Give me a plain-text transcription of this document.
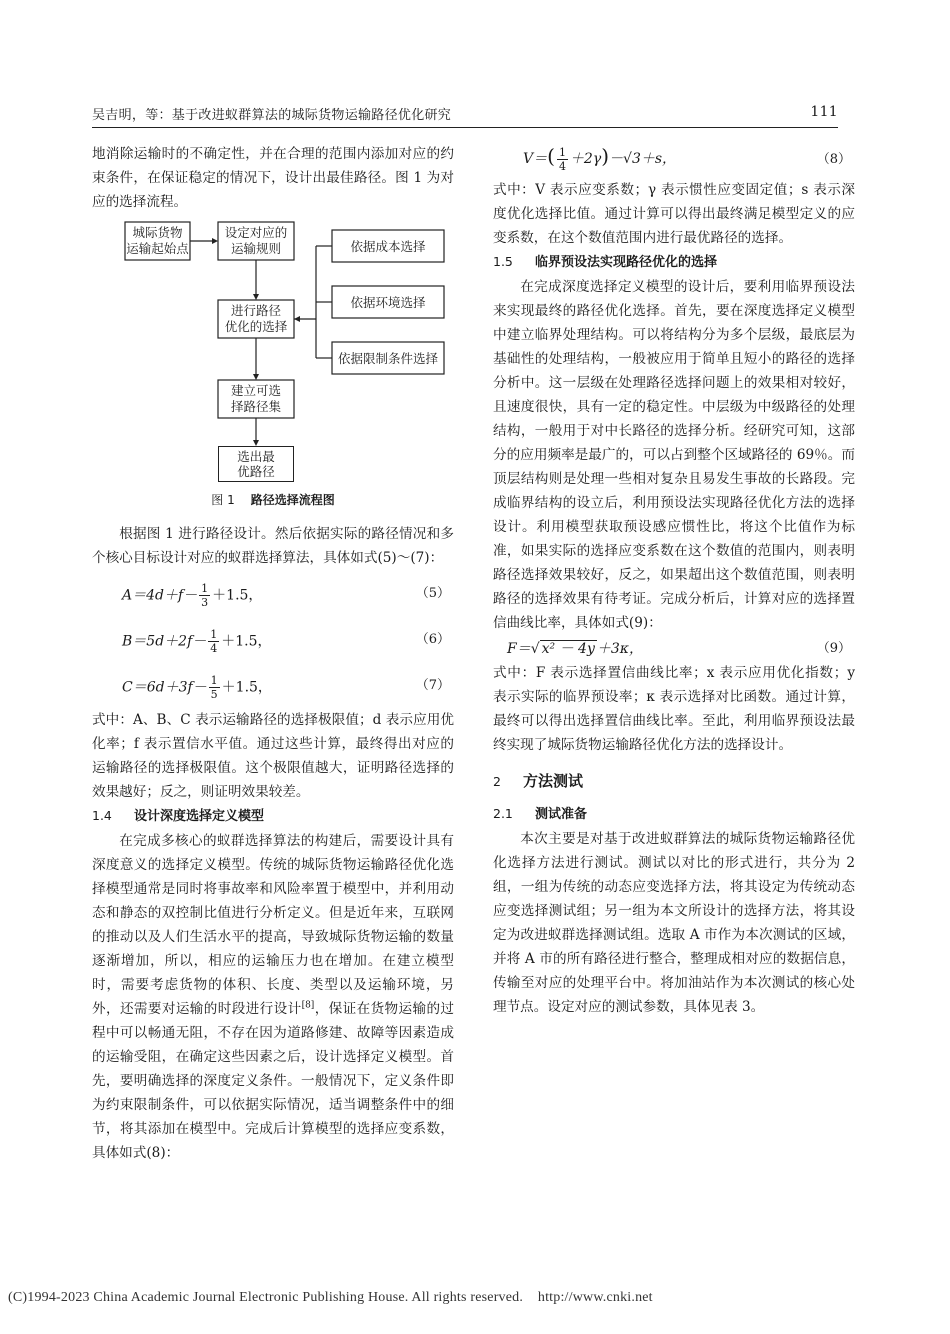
吴吉明，等：基于改进蚁群算法的城际货物运输路径优化研究	111

地消除运输时的不确定性，并在合理的范围内添加对应的约束条件，在保证稳定的情况下，设计出最佳路径。图 1 为对应的选择流程。

城际货物
运输起始点
设定对应的
运输规则
进行路径
优化的选择
建立可选
择路径集
依据成本选择
依据环境选择
依据限制条件选择
选出最
优路径
图 1 路径选择流程图

根据图 1 进行路径设计。然后依据实际的路径情况和多个核心目标设计对应的蚁群选择算法，具体如式(5)～(7)：

$A=4d+f- \frac{1}{3} +1.5$，	（5）
$B=5d+2f- \frac{1}{4} +1.5$，	（6）
$C=6d+3f- \frac{1}{5} +1.5$，	（7）

式中：A、B、C 表示运输路径的选择极限值；d 表示应用优化率；f 表示置信水平值。通过这些计算，最终得出对应的运输路径的选择极限值。这个极限值越大，证明路径选择的效果越好；反之，则证明效果较差。

1.4 设计深度选择定义模型

在完成多核心的蚁群选择算法的构建后，需要设计具有深度意义的选择定义模型。传统的城际货物运输路径优化选择模型通常是同时将事故率和风险率置于模型中，并利用动态和静态的双控制比值进行分析定义。但是近年来，互联网的推动以及人们生活水平的提高，导致城际货物运输的数量逐渐增加，所以，相应的运输压力也在增加。在建立模型时，需要考虑货物的体积、长度、类型以及运输环境，另外，还需要对运输的时段进行设计[8]，保证在货物运输的过程中可以畅通无阻，不存在因为道路修建、故障等因素造成的运输受阻，在确定这些因素之后，设计选择定义模型。首先，要明确选择的深度定义条件。一般情况下，定义条件即为约束限制条件，可以依据实际情况，适当调整条件中的细节，将其添加在模型中。完成后计算模型的选择应变系数，具体如式(8)：

$V=( \frac{1}{4} +2\gamma)-√3+s$，	（8）

式中：V 表示应变系数；γ 表示惯性应变固定值；s 表示深度优化选择比值。通过计算可以得出最终满足模型定义的应变系数，在这个数值范围内进行最优路径的选择。

1.5 临界预设法实现路径优化的选择

在完成深度选择定义模型的设计后，要利用临界预设法来实现最终的路径优化选择。首先，要在深度选择定义模型中建立临界处理结构。可以将结构分为多个层级，最底层为基础性的处理结构，一般被应用于简单且短小的路径的选择分析中。这一层级在处理路径选择问题上的效果相对较好，且速度很快，具有一定的稳定性。中层级为中级路径的处理结构，一般用于对中长路径的选择分析。经研究可知，这部分的应用频率是最广的，可以占到整个区域路径的 69％。而顶层结构则是处理一些相对复杂且易发生事故的长路段。完成临界结构的设立后，利用预设法实现路径优化方法的选择设计。利用模型获取预设感应惯性比，将这个比值作为标准，如果实际的选择应变系数在这个数值的范围内，则表明路径选择效果较好，反之，如果超出这个数值范围，则表明路径的选择效果有待考证。完成分析后，计算对应的选择置信曲线比率，具体如式(9)：

F＝√ x² － 4y ＋3κ，	（9）

式中：F 表示选择置信曲线比率；x 表示应用优化指数；y 表示实际的临界预设率；κ 表示选择对比函数。通过计算，最终可以得出选择置信曲线比率。至此，利用临界预设法最终实现了城际货物运输路径优化方法的选择设计。

2 方法测试
2.1 测试准备

本次主要是对基于改进蚁群算法的城际货物运输路径优化选择方法进行测试。测试以对比的形式进行，共分为 2 组，一组为传统的动态应变选择方法，将其设定为传统动态应变选择测试组；另一组为本文所设计的选择方法，将其设定为改进蚁群选择测试组。选取 A 市作为本次测试的区域，并将 A 市的所有路径进行整合，整理成相对应的数据信息，传输至对应的处理平台中。将加油站作为本次测试的核心处理节点。设定对应的测试参数，具体见表 3。

(C)1994-2023 China Academic Journal Electronic Publishing House. All rights reserved. http://www.cnki.net
